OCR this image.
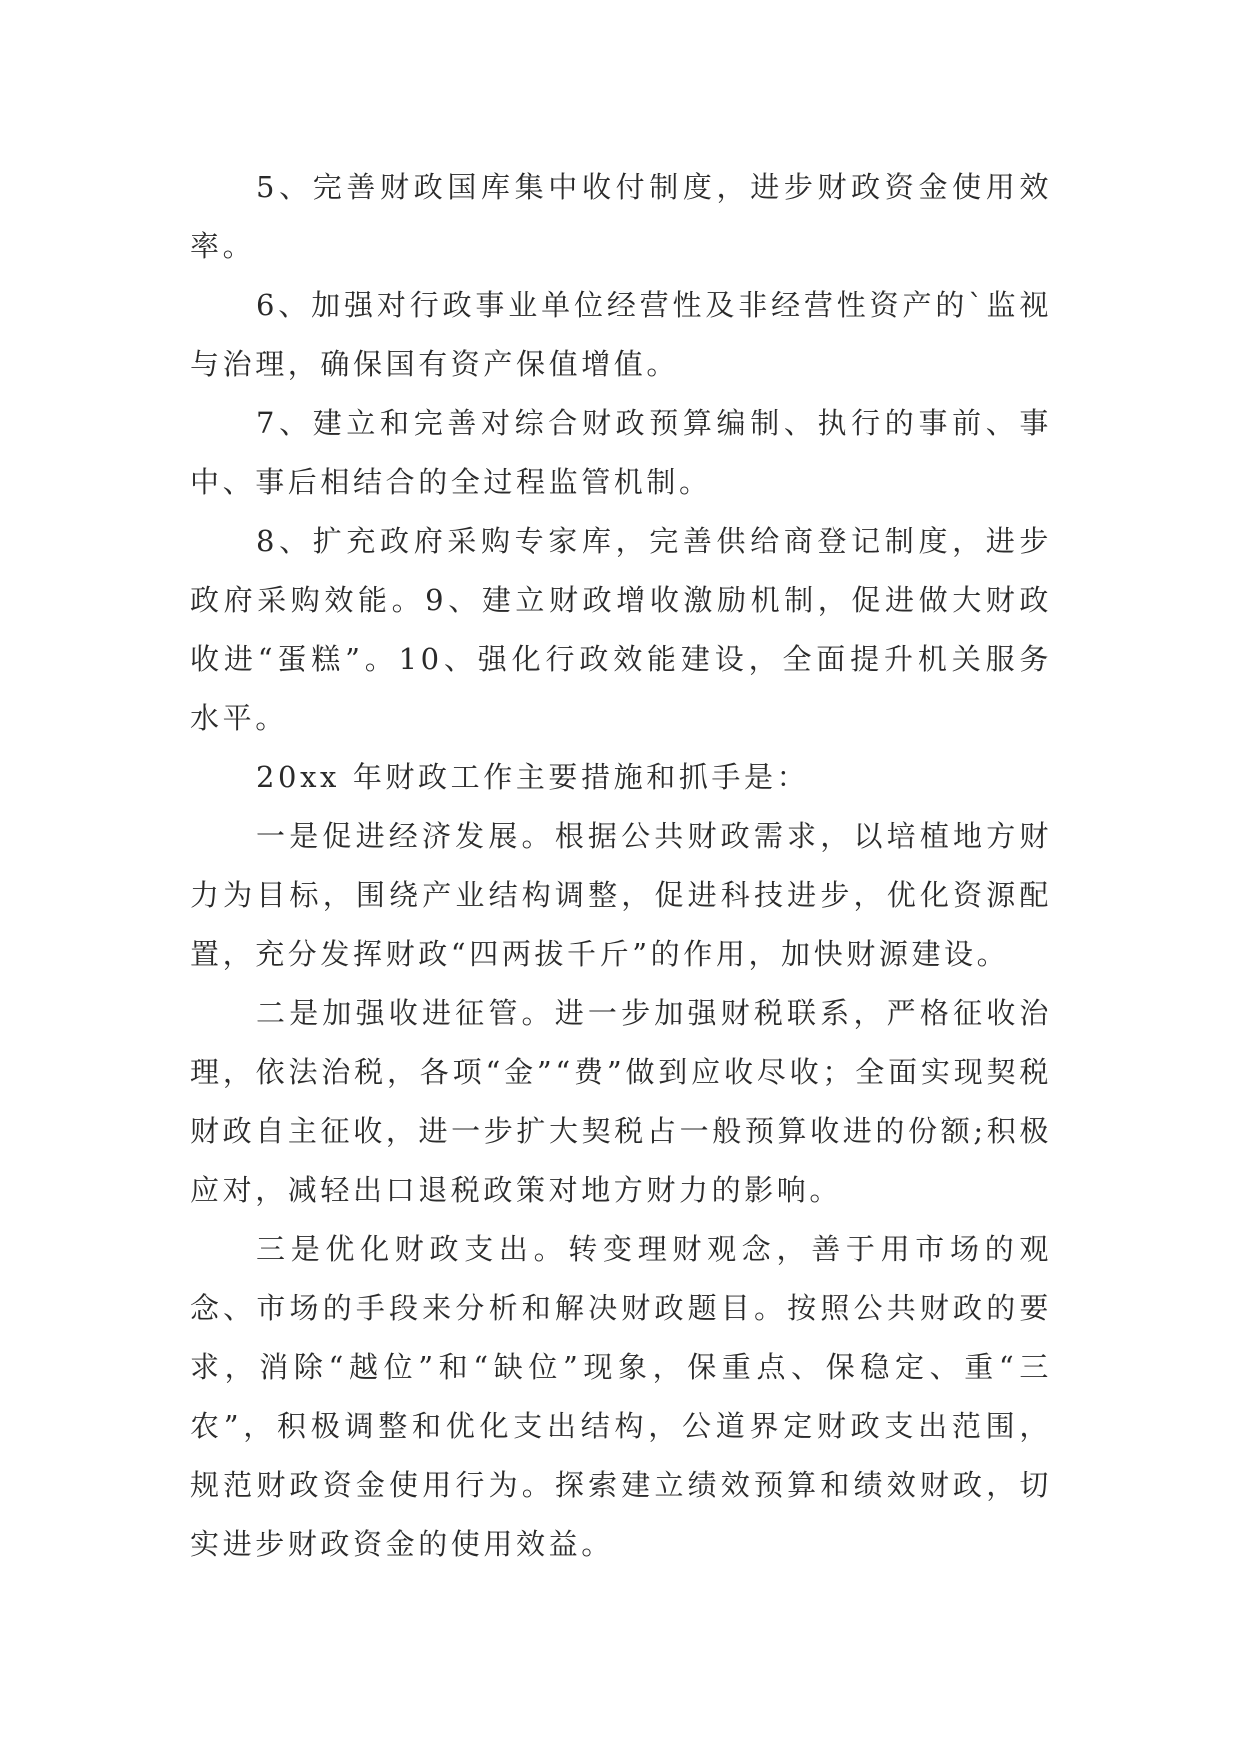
5、完善财政国库集中收付制度，进步财政资金使用效率。

6、加强对行政事业单位经营性及非经营性资产的`监视与治理，确保国有资产保值增值。

7、建立和完善对综合财政预算编制、执行的事前、事中、事后相结合的全过程监管机制。

8、扩充政府采购专家库，完善供给商登记制度，进步政府采购效能。9、建立财政增收激励机制，促进做大财政收进“蛋糕”。10、强化行政效能建设，全面提升机关服务水平。

20xx 年财政工作主要措施和抓手是：

一是促进经济发展。根据公共财政需求，以培植地方财力为目标，围绕产业结构调整，促进科技进步，优化资源配置，充分发挥财政“四两拔千斤”的作用，加快财源建设。

二是加强收进征管。进一步加强财税联系，严格征收治理，依法治税，各项“金”“费”做到应收尽收；全面实现契税财政自主征收，进一步扩大契税占一般预算收进的份额;积极应对，减轻出口退税政策对地方财力的影响。

三是优化财政支出。转变理财观念，善于用市场的观念、市场的手段来分析和解决财政题目。按照公共财政的要求，消除“越位”和“缺位”现象，保重点、保稳定、重“三农”，积极调整和优化支出结构，公道界定财政支出范围，规范财政资金使用行为。探索建立绩效预算和绩效财政，切实进步财政资金的使用效益。
